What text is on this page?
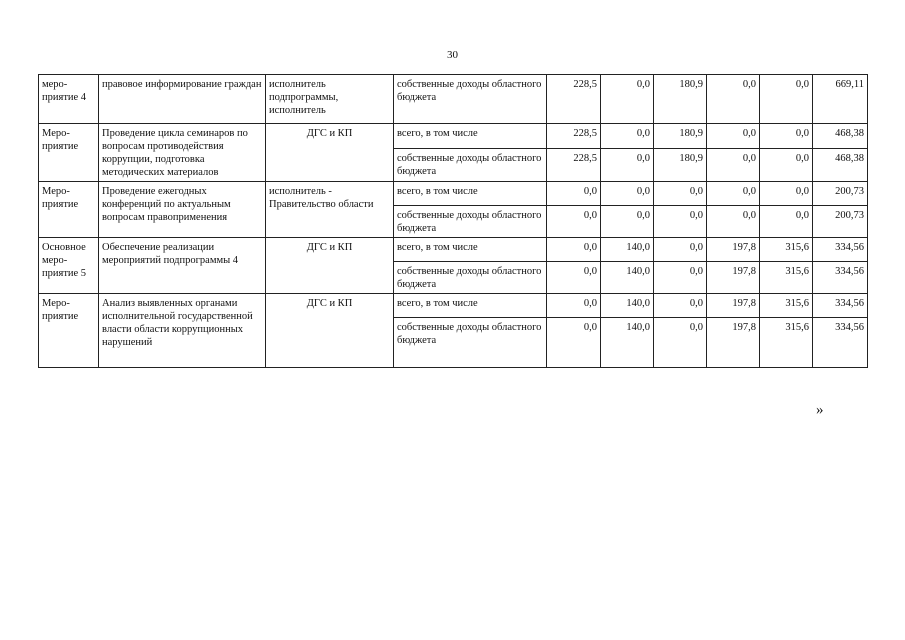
30
меро-
приятие 4	правовое информирование граждан	исполнитель подпрограммы, исполнитель	собственные доходы областного бюджета	228,5	0,0	180,9	0,0	0,0	669,11
Меро-
приятие	Проведение цикла семинаров по вопросам противодействия коррупции, подготовка методических материалов	ДГС и КП	всего, в том числе	228,5	0,0	180,9	0,0	0,0	468,38
			собственные доходы областного бюджета	228,5	0,0	180,9	0,0	0,0	468,38
Меро-
приятие	Проведение ежегодных конференций по актуальным вопросам правоприменения	исполнитель - Правительство области	всего, в том числе	0,0	0,0	0,0	0,0	0,0	200,73
			собственные доходы областного бюджета	0,0	0,0	0,0	0,0	0,0	200,73
Основное
меро-
приятие 5	Обеспечение реализации мероприятий подпрограммы 4	ДГС и КП	всего, в том числе	0,0	140,0	0,0	197,8	315,6	334,56
			собственные доходы областного бюджета	0,0	140,0	0,0	197,8	315,6	334,56
Меро-
приятие	Анализ выявленных органами исполнительной государственной власти области коррупционных нарушений	ДГС и КП	всего, в том числе	0,0	140,0	0,0	197,8	315,6	334,56
			собственные доходы областного бюджета	0,0	140,0	0,0	197,8	315,6	334,56
»
